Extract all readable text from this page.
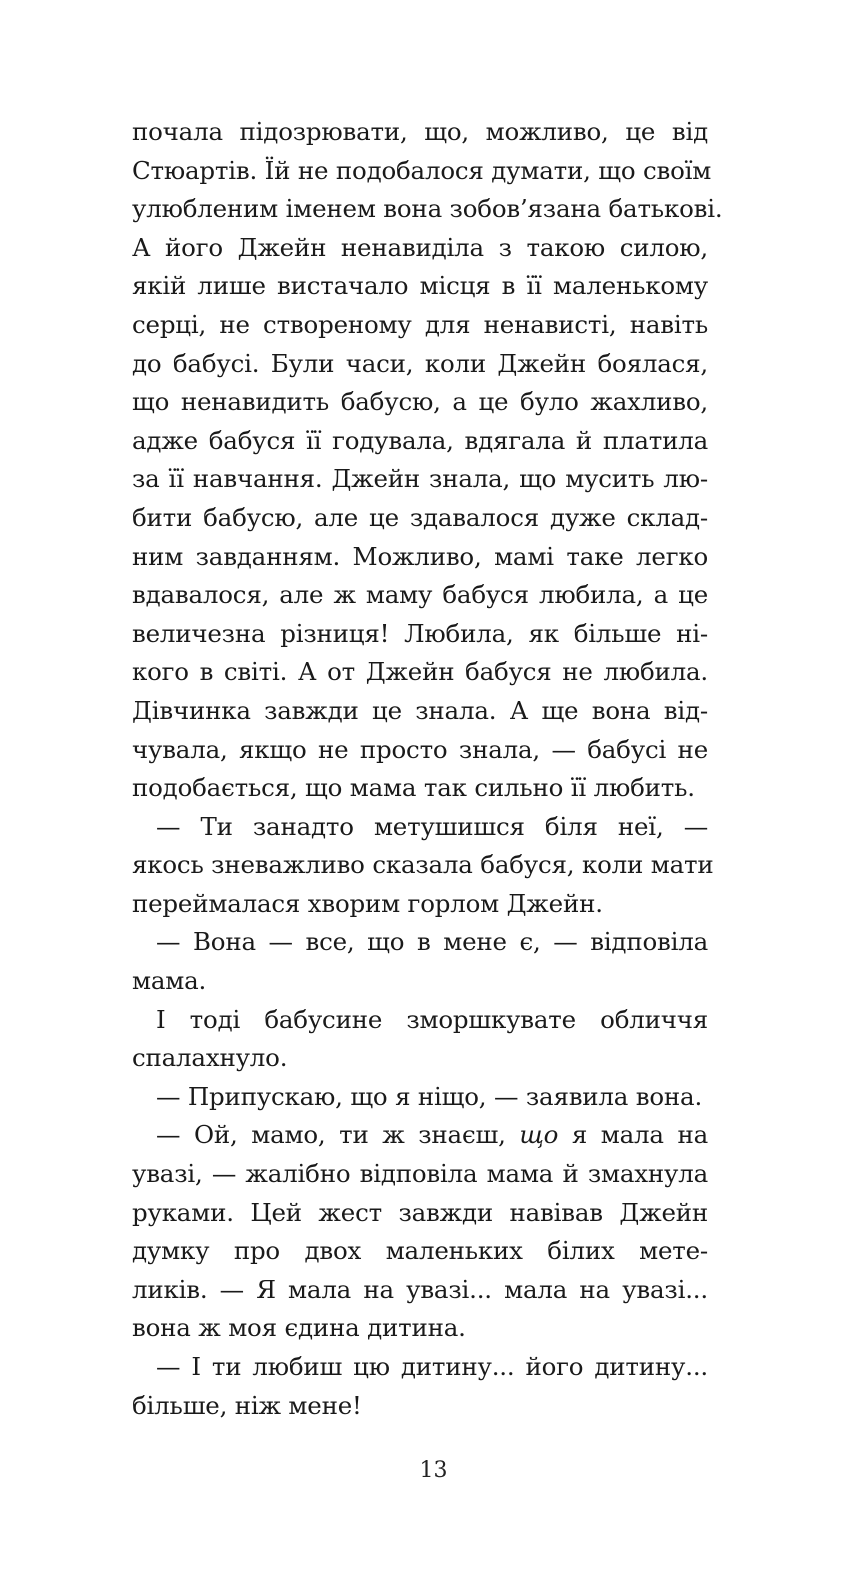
почала підозрювати, що, можливо, це від
Стюартів. Їй не подобалося думати, що своїм
улюбленим іменем вона зобов’язана батькові.
А його Джейн ненавиділа з такою силою,
якій лише вистачало місця в її маленькому
серці, не створеному для ненависті, навіть
до бабусі. Були часи, коли Джейн боялася,
що ненавидить бабусю, а це було жахливо,
адже бабуся її годувала, вдягала й платила
за її навчання. Джейн знала, що мусить лю-
бити бабусю, але це здавалося дуже склад-
ним завданням. Можливо, мамі таке легко
вдавалося, але ж маму бабуся любила, а це
величезна різниця! Любила, як більше ні-
кого в світі. А от Джейн бабуся не любила.
Дівчинка завжди це знала. А ще вона від-
чувала, якщо не просто знала, — бабусі не
подобається, що мама так сильно її любить.
— Ти занадто метушишся біля неї, —
якось зневажливо сказала бабуся, коли мати
переймалася хворим горлом Джейн.
— Вона — все, що в мене є, — відповіла
мама.
І тоді бабусине зморшкувате обличчя
спалахнуло.
— Припускаю, що я ніщо, — заявила вона.
— Ой, мамо, ти ж знаєш, що я мала на
увазі, — жалібно відповіла мама й змахнула
руками. Цей жест завжди навівав Джейн
думку про двох маленьких білих мете-
ликів. — Я мала на увазі... мала на увазі...
вона ж моя єдина дитина.
— І ти любиш цю дитину... його дитину...
більше, ніж мене!
13
